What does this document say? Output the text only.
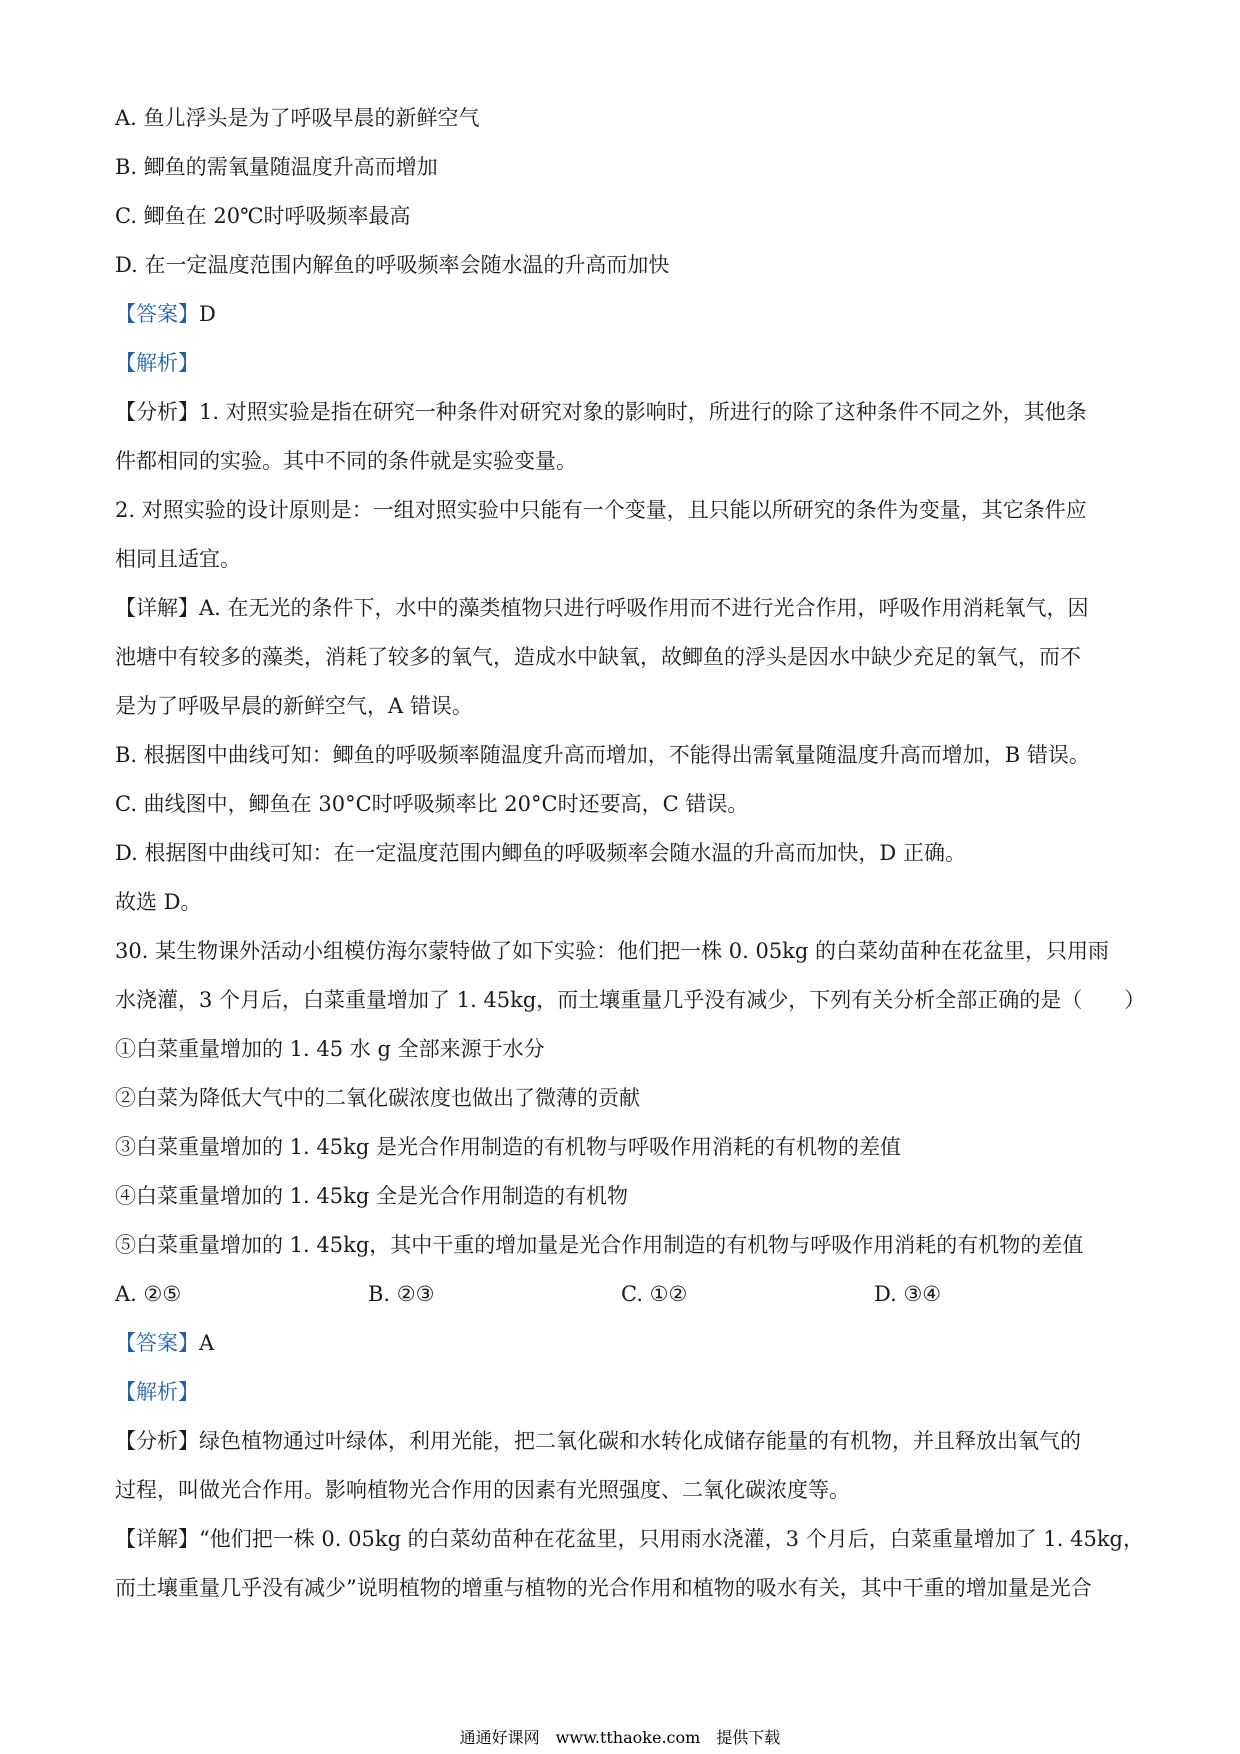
A. 鱼儿浮头是为了呼吸早晨的新鲜空气
B. 鲫鱼的需氧量随温度升高而增加
C. 鲫鱼在 20℃时呼吸频率最高
D. 在一定温度范围内解鱼的呼吸频率会随水温的升高而加快
【答案】D
【解析】
【分析】1. 对照实验是指在研究一种条件对研究对象的影响时，所进行的除了这种条件不同之外，其他条
件都相同的实验。其中不同的条件就是实验变量。
2. 对照实验的设计原则是：一组对照实验中只能有一个变量，且只能以所研究的条件为变量，其它条件应
相同且适宜。
【详解】A. 在无光的条件下，水中的藻类植物只进行呼吸作用而不进行光合作用，呼吸作用消耗氧气，因
池塘中有较多的藻类，消耗了较多的氧气，造成水中缺氧，故鲫鱼的浮头是因水中缺少充足的氧气，而不
是为了呼吸早晨的新鲜空气，A 错误。
B. 根据图中曲线可知：鲫鱼的呼吸频率随温度升高而增加，不能得出需氧量随温度升高而增加，B 错误。
C. 曲线图中，鲫鱼在 30°C时呼吸频率比 20°C时还要高，C 错误。
D. 根据图中曲线可知：在一定温度范围内鲫鱼的呼吸频率会随水温的升高而加快，D 正确。
故选 D。
30. 某生物课外活动小组模仿海尔蒙特做了如下实验：他们把一株 0. 05kg 的白菜幼苗种在花盆里，只用雨
水浇灌，3 个月后，白菜重量增加了 1. 45kg，而土壤重量几乎没有减少，下列有关分析全部正确的是（　　）
①白菜重量增加的 1. 45 水 g 全部来源于水分
②白菜为降低大气中的二氧化碳浓度也做出了微薄的贡献
③白菜重量增加的 1. 45kg 是光合作用制造的有机物与呼吸作用消耗的有机物的差值
④白菜重量增加的 1. 45kg 全是光合作用制造的有机物
⑤白菜重量增加的 1. 45kg，其中干重的增加量是光合作用制造的有机物与呼吸作用消耗的有机物的差值
A. ②⑤	B. ②③	C. ①②	D. ③④
【答案】A
【解析】
【分析】绿色植物通过叶绿体，利用光能，把二氧化碳和水转化成储存能量的有机物，并且释放出氧气的
过程，叫做光合作用。影响植物光合作用的因素有光照强度、二氧化碳浓度等。
【详解】“他们把一株 0. 05kg 的白菜幼苗种在花盆里，只用雨水浇灌，3 个月后，白菜重量增加了 1. 45kg，
而土壤重量几乎没有减少”说明植物的增重与植物的光合作用和植物的吸水有关，其中干重的增加量是光合
通通好课网　www.tthaoke.com　提供下载
